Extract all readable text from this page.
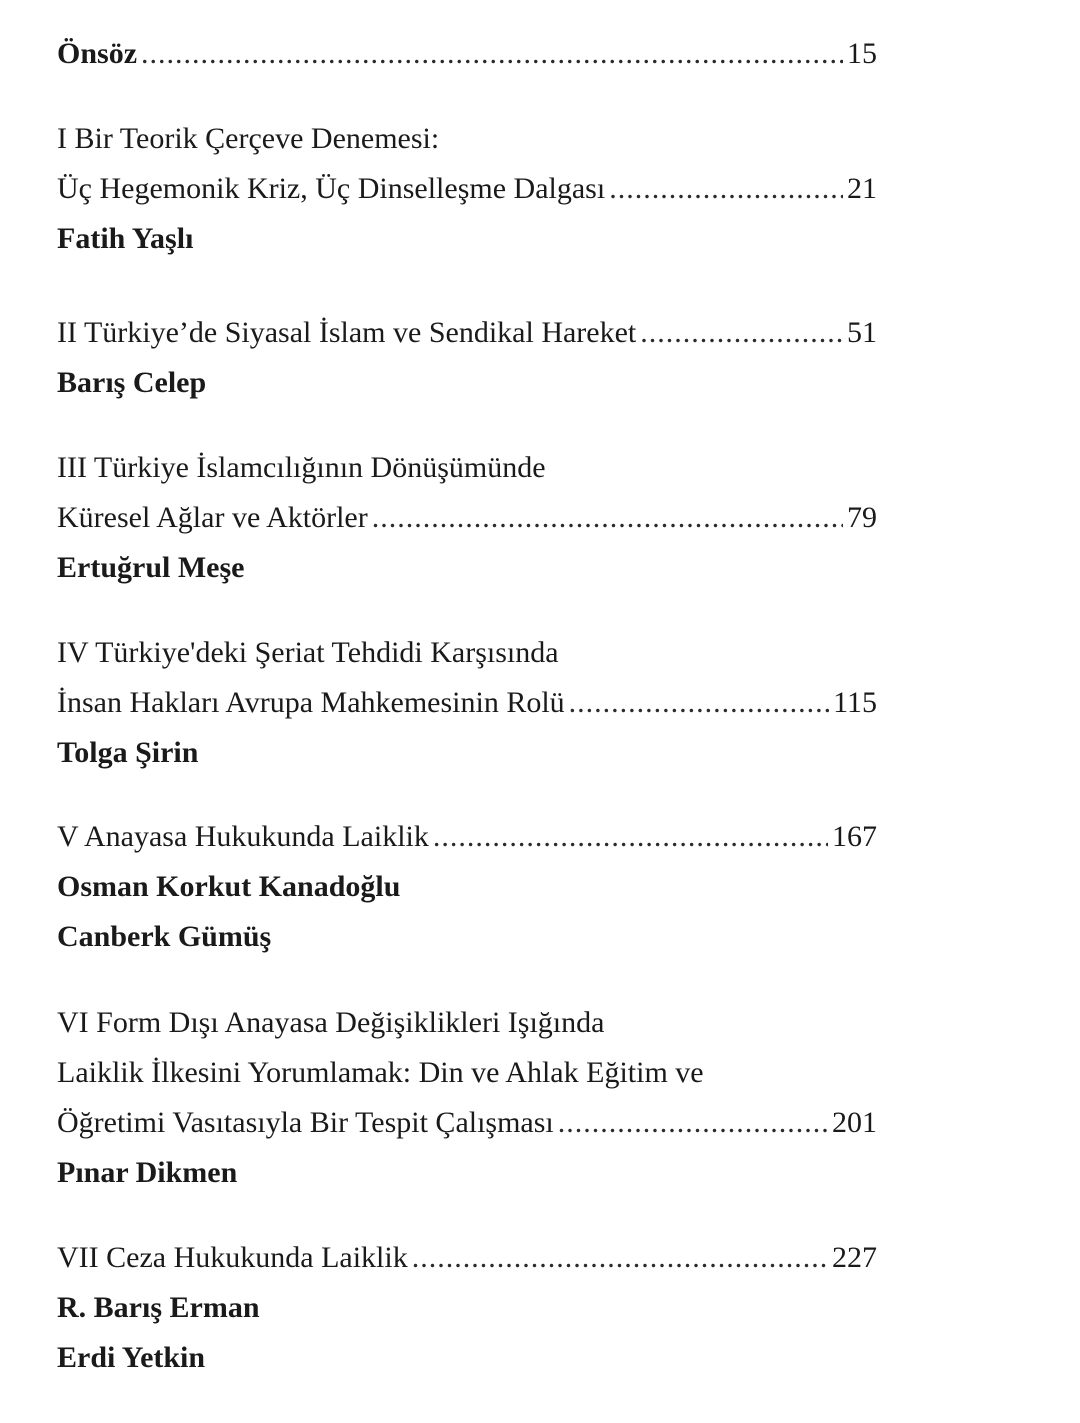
Önsöz .....	15
I Bir Teorik Çerçeve Denemesi:
Üç Hegemonik Kriz, Üç Dinselleşme Dalgası .....	21
Fatih Yaşlı
II Türkiye’de Siyasal İslam ve Sendikal Hareket .....	51
Barış Celep
III Türkiye İslamcılığının Dönüşümünde
Küresel Ağlar ve Aktörler .....	79
Ertuğrul Meşe
IV Türkiye'deki Şeriat Tehdidi Karşısında
İnsan Hakları Avrupa Mahkemesinin Rolü .....	115
Tolga Şirin
V Anayasa Hukukunda Laiklik .....	167
Osman Korkut Kanadoğlu
Canberk Gümüş
VI Form Dışı Anayasa Değişiklikleri Işığında
Laiklik İlkesini Yorumlamak: Din ve Ahlak Eğitim ve
Öğretimi Vasıtasıyla Bir Tespit Çalışması .....	201
Pınar Dikmen
VII Ceza Hukukunda Laiklik .....	227
R. Barış Erman
Erdi Yetkin
